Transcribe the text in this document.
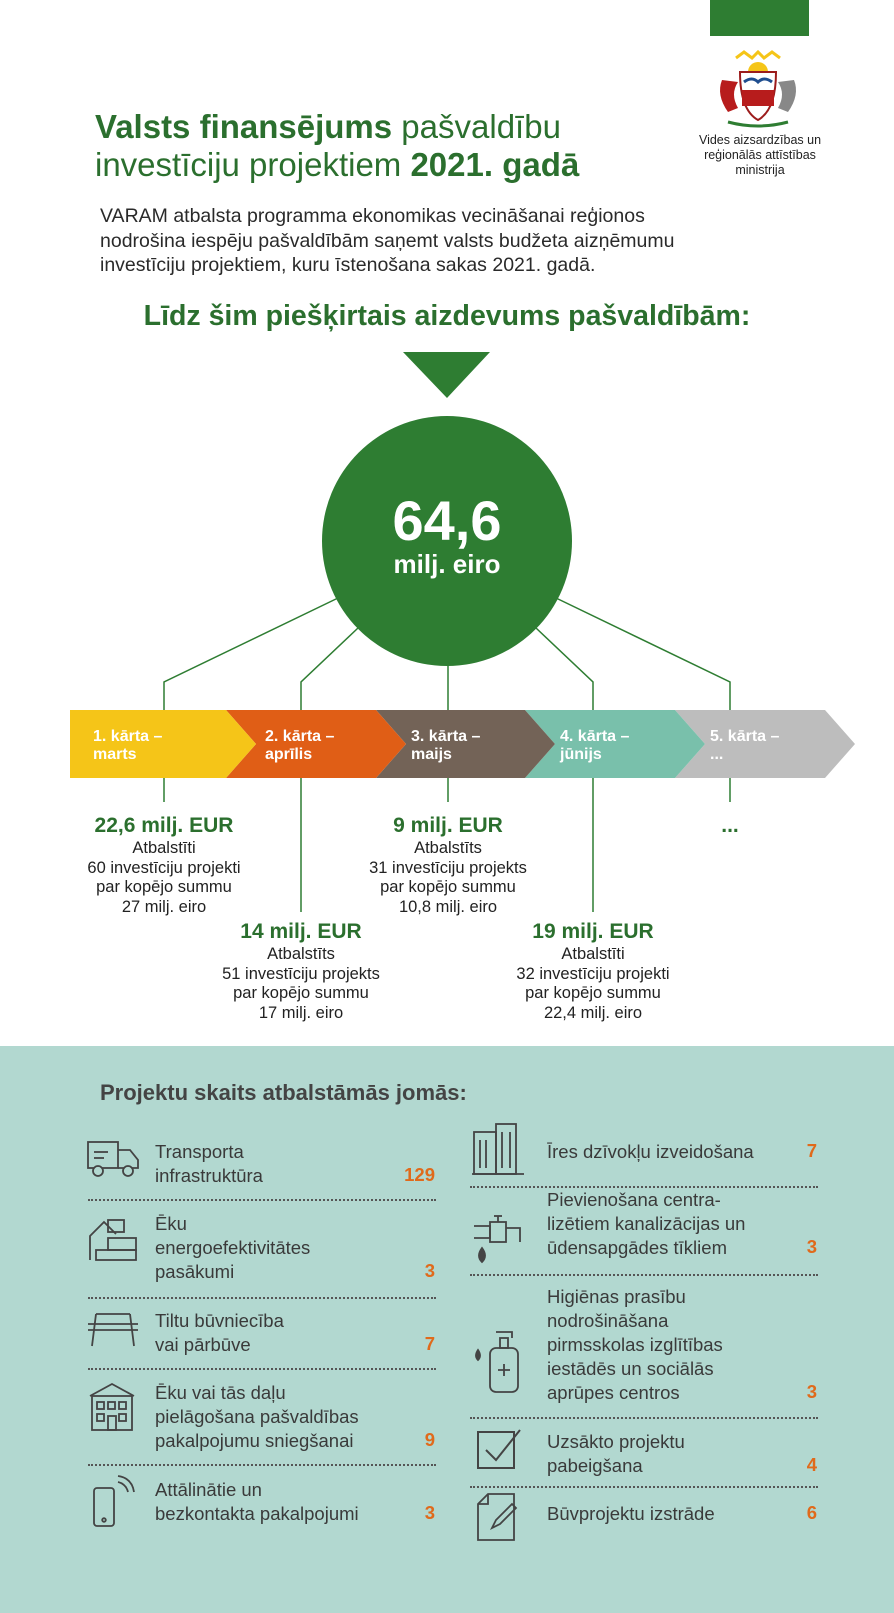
Vides aizsardzības un
reģionālās attīstības
ministrija
Valsts finansējums pašvaldību
investīciju projektiem 2021. gadā
VARAM atbalsta programma ekonomikas vecināšanai reģionos
nodrošina iespēju pašvaldībām saņemt valsts budžeta aizņēmumu
investīciju projektiem, kuru īstenošana sakas 2021. gadā.
Līdz šim piešķirtais aizdevums pašvaldībām:
64,6
milj. eiro
1. kārta –
marts
2. kārta –
aprīlis
3. kārta –
maijs
4. kārta –
jūnijs
5. kārta –
...
22,6 milj. EUR
Atbalstīti
60 investīciju projekti
par kopējo summu
27 milj. eiro
14 milj. EUR
Atbalstīts
51 investīciju projekts
par kopējo summu
17 milj. eiro
9 milj. EUR
Atbalstīts
31 investīciju projekts
par kopējo summu
10,8 milj. eiro
19 milj. EUR
Atbalstīti
32 investīciju projekti
par kopējo summu
22,4 milj. eiro
...
Projektu skaits atbalstāmās jomās:
Transporta
infrastruktūra	129
Ēku
energoefektivitātes
pasākumi	3
Tiltu būvniecība
vai pārbūve	7
Ēku vai tās daļu
pielāgošana pašvaldības
pakalpojumu sniegšanai	9
Attālinātie un
bezkontakta pakalpojumi	3
Īres dzīvokļu izveidošana	7
Pievienošana centra-
lizētiem kanalizācijas un
ūdensapgādes tīkliem	3
Higiēnas prasību
nodrošināšana
pirmsskolas izglītības
iestādēs un sociālās
aprūpes centros	3
Uzsākto projektu
pabeigšana	4
Būvprojektu izstrāde	6
